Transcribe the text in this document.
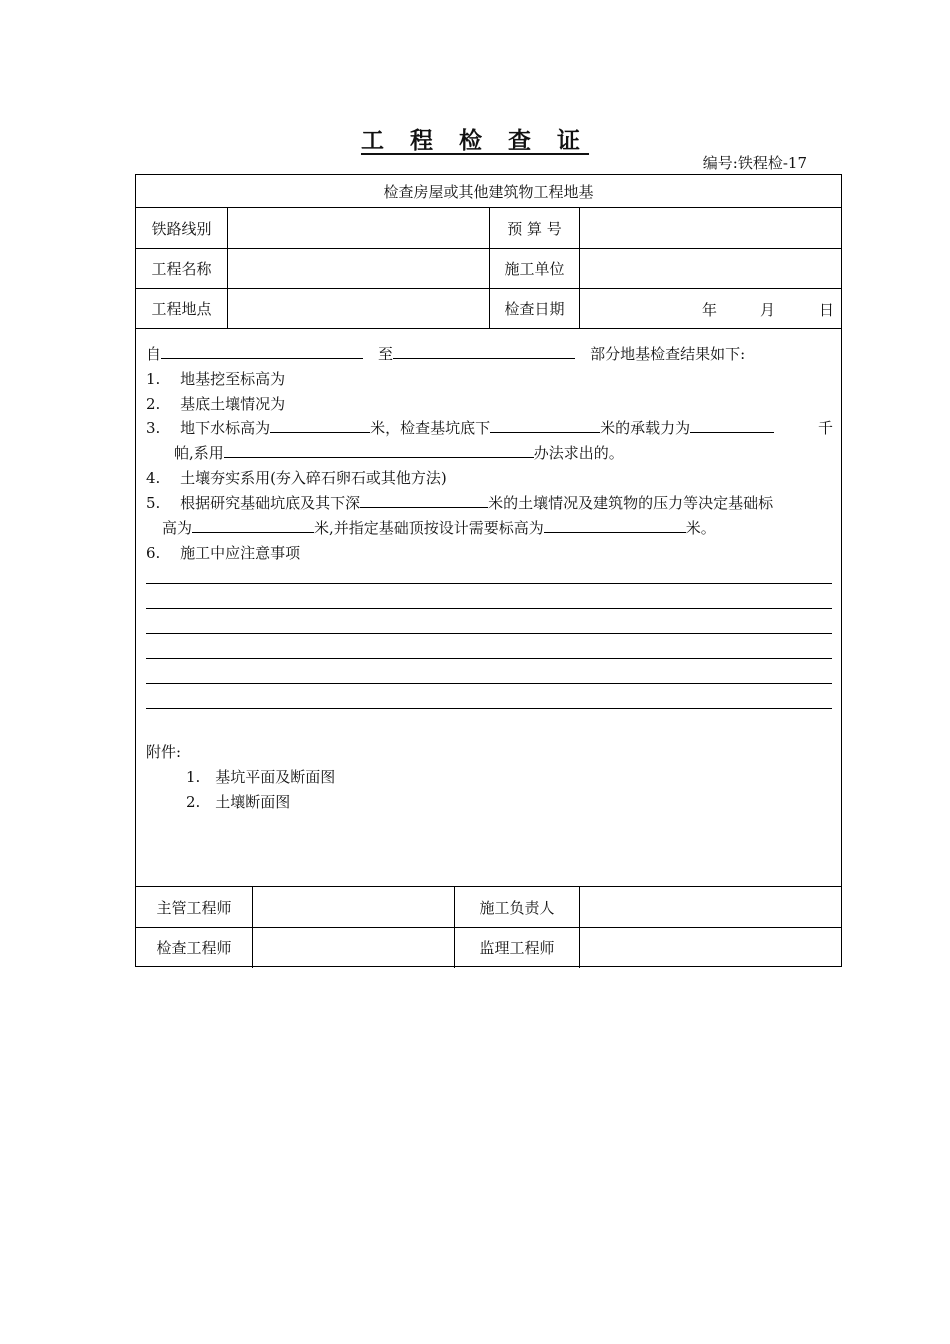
工 程 检 查 证
编号:铁程检-17
检查房屋或其他建筑物工程地基
铁路线别	预 算 号
工程名称	施工单位
工程地点	检查日期	年	月	日
自　	至　	部分地基检查结果如下:
1.　 地基挖至标高为
2.　 基底土壤情况为
3.　 地下水标高为	米，检查基坑底下	米的承载力为	千
帕,系用	办法求出的。
4.　 土壤夯实系用(夯入碎石卵石或其他方法)
5.　 根据研究基础坑底及其下深	米的土壤情况及建筑物的压力等决定基础标
高为	米,并指定基础顶按设计需要标高为	米。
6.　 施工中应注意事项
附件:
1.　基坑平面及断面图
2.　土壤断面图
主管工程师	施工负责人
检查工程师	监理工程师
